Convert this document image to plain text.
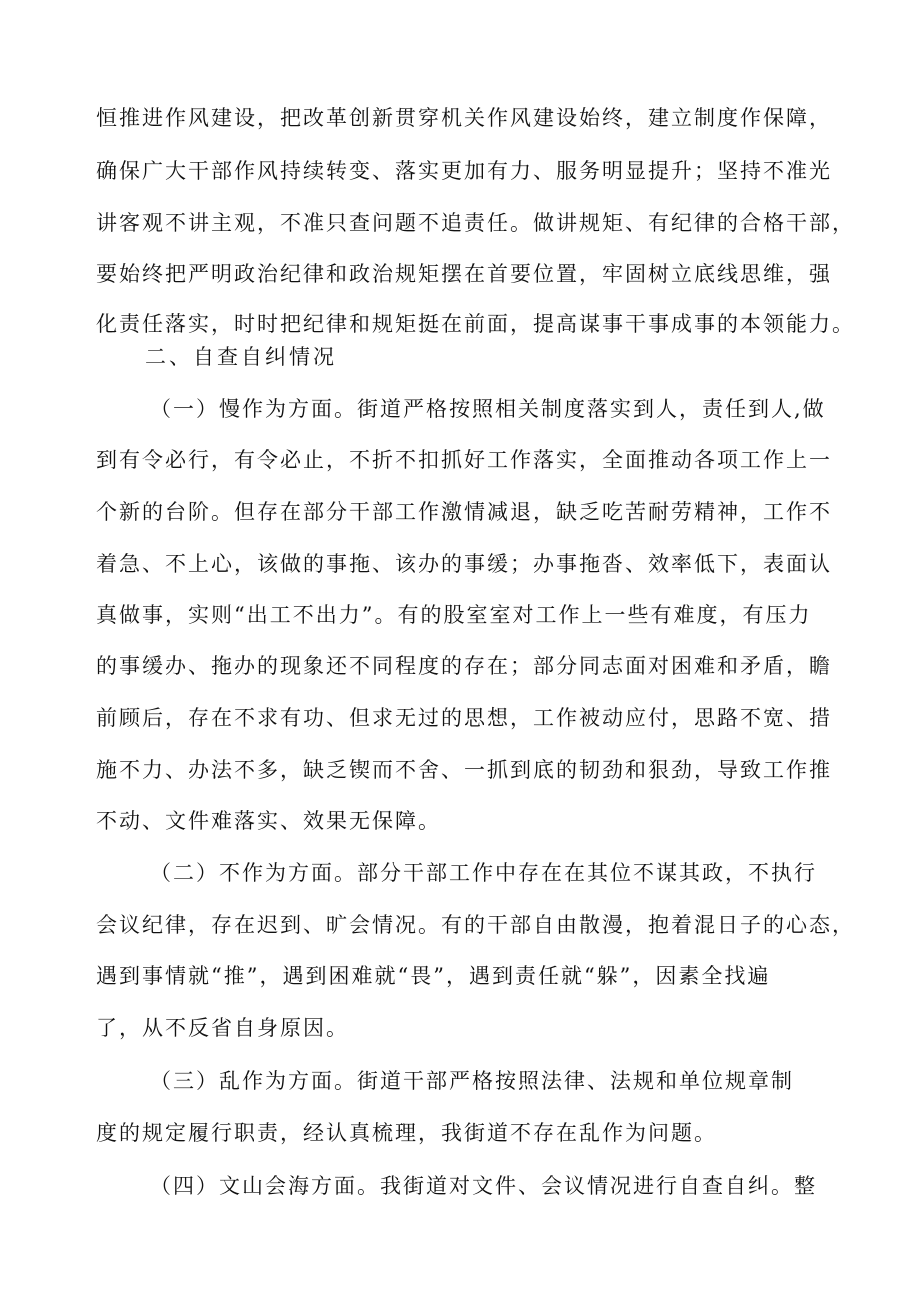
恒推进作风建设，把改革创新贯穿机关作风建设始终，建立制度作保障，
确保广大干部作风持续转变、落实更加有力、服务明显提升；坚持不准光
讲客观不讲主观，不准只查问题不追责任。做讲规矩、有纪律的合格干部，
要始终把严明政治纪律和政治规矩摆在首要位置，牢固树立底线思维，强
化责任落实，时时把纪律和规矩挺在前面，提高谋事干事成事的本领能力。
二、自查自纠情况
（一）慢作为方面。街道严格按照相关制度落实到人，责任到人,做
到有令必行，有令必止，不折不扣抓好工作落实，全面推动各项工作上一
个新的台阶。但存在部分干部工作激情减退，缺乏吃苦耐劳精神，工作不
着急、不上心，该做的事拖、该办的事缓；办事拖沓、效率低下，表面认
真做事，实则“出工不出力”。有的股室室对工作上一些有难度，有压力
的事缓办、拖办的现象还不同程度的存在；部分同志面对困难和矛盾，瞻
前顾后，存在不求有功、但求无过的思想，工作被动应付，思路不宽、措
施不力、办法不多，缺乏锲而不舍、一抓到底的韧劲和狠劲，导致工作推
不动、文件难落实、效果无保障。
（二）不作为方面。部分干部工作中存在在其位不谋其政，不执行
会议纪律，存在迟到、旷会情况。有的干部自由散漫，抱着混日子的心态，
遇到事情就“推”，遇到困难就“畏”，遇到责任就“躲”，因素全找遍
了，从不反省自身原因。
（三）乱作为方面。街道干部严格按照法律、法规和单位规章制
度的规定履行职责，经认真梳理，我街道不存在乱作为问题。
（四）文山会海方面。我街道对文件、会议情况进行自查自纠。整
